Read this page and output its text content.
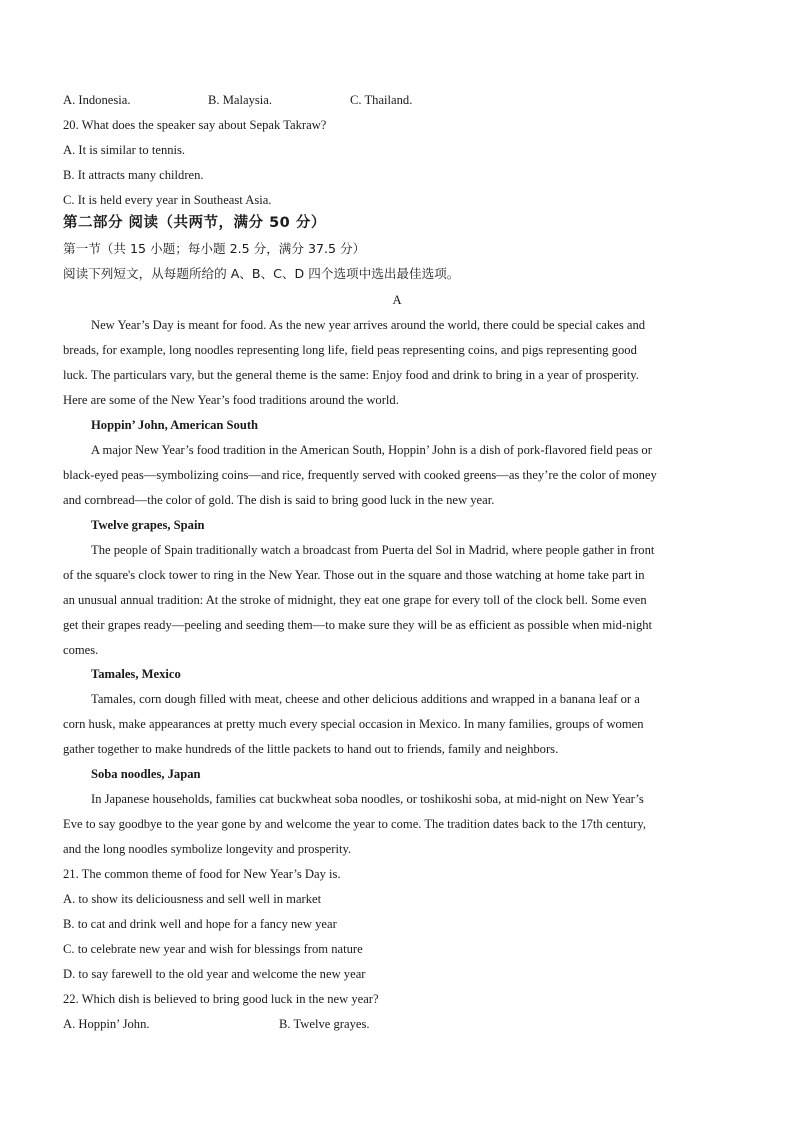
A. Indonesia.	B. Malaysia.	C. Thailand.
20. What does the speaker say about Sepak Takraw?
A. It is similar to tennis.
B. It attracts many children.
C. It is held every year in Southeast Asia.
第二部分 阅读（共两节，满分 50 分）
第一节（共 15 小题；每小题 2.5 分，满分 37.5 分）
阅读下列短文，从每题所给的 A、B、C、D 四个选项中选出最佳选项。
A
New Year’s Day is meant for food. As the new year arrives around the world, there could be special cakes and
breads, for example, long noodles representing long life, field peas representing coins, and pigs representing good
luck. The particulars vary, but the general theme is the same: Enjoy food and drink to bring in a year of prosperity.
Here are some of the New Year’s food traditions around the world.
Hoppin’ John, American South
A major New Year’s food tradition in the American South, Hoppin’ John is a dish of pork-flavored field peas or
black-eyed peas—symbolizing coins—and rice, frequently served with cooked greens—as they’re the color of money
and cornbread—the color of gold. The dish is said to bring good luck in the new year.
Twelve grapes, Spain
The people of Spain traditionally watch a broadcast from Puerta del Sol in Madrid, where people gather in front
of the square's clock tower to ring in the New Year. Those out in the square and those watching at home take part in
an unusual annual tradition: At the stroke of midnight, they eat one grape for every toll of the clock bell. Some even
get their grapes ready—peeling and seeding them—to make sure they will be as efficient as possible when mid-night
comes.
Tamales, Mexico
Tamales, corn dough filled with meat, cheese and other delicious additions and wrapped in a banana leaf or a
corn husk, make appearances at pretty much every special occasion in Mexico. In many families, groups of women
gather together to make hundreds of the little packets to hand out to friends, family and neighbors.
Soba noodles, Japan
In Japanese households, families cat buckwheat soba noodles, or toshikoshi soba, at mid-night on New Year’s
Eve to say goodbye to the year gone by and welcome the year to come. The tradition dates back to the 17th century,
and the long noodles symbolize longevity and prosperity.
21. The common theme of food for New Year’s Day is.
A. to show its deliciousness and sell well in market
B. to cat and drink well and hope for a fancy new year
C. to celebrate new year and wish for blessings from nature
D. to say farewell to the old year and welcome the new year
22. Which dish is believed to bring good luck in the new year?
A. Hoppin’ John.	B. Twelve grayes.
